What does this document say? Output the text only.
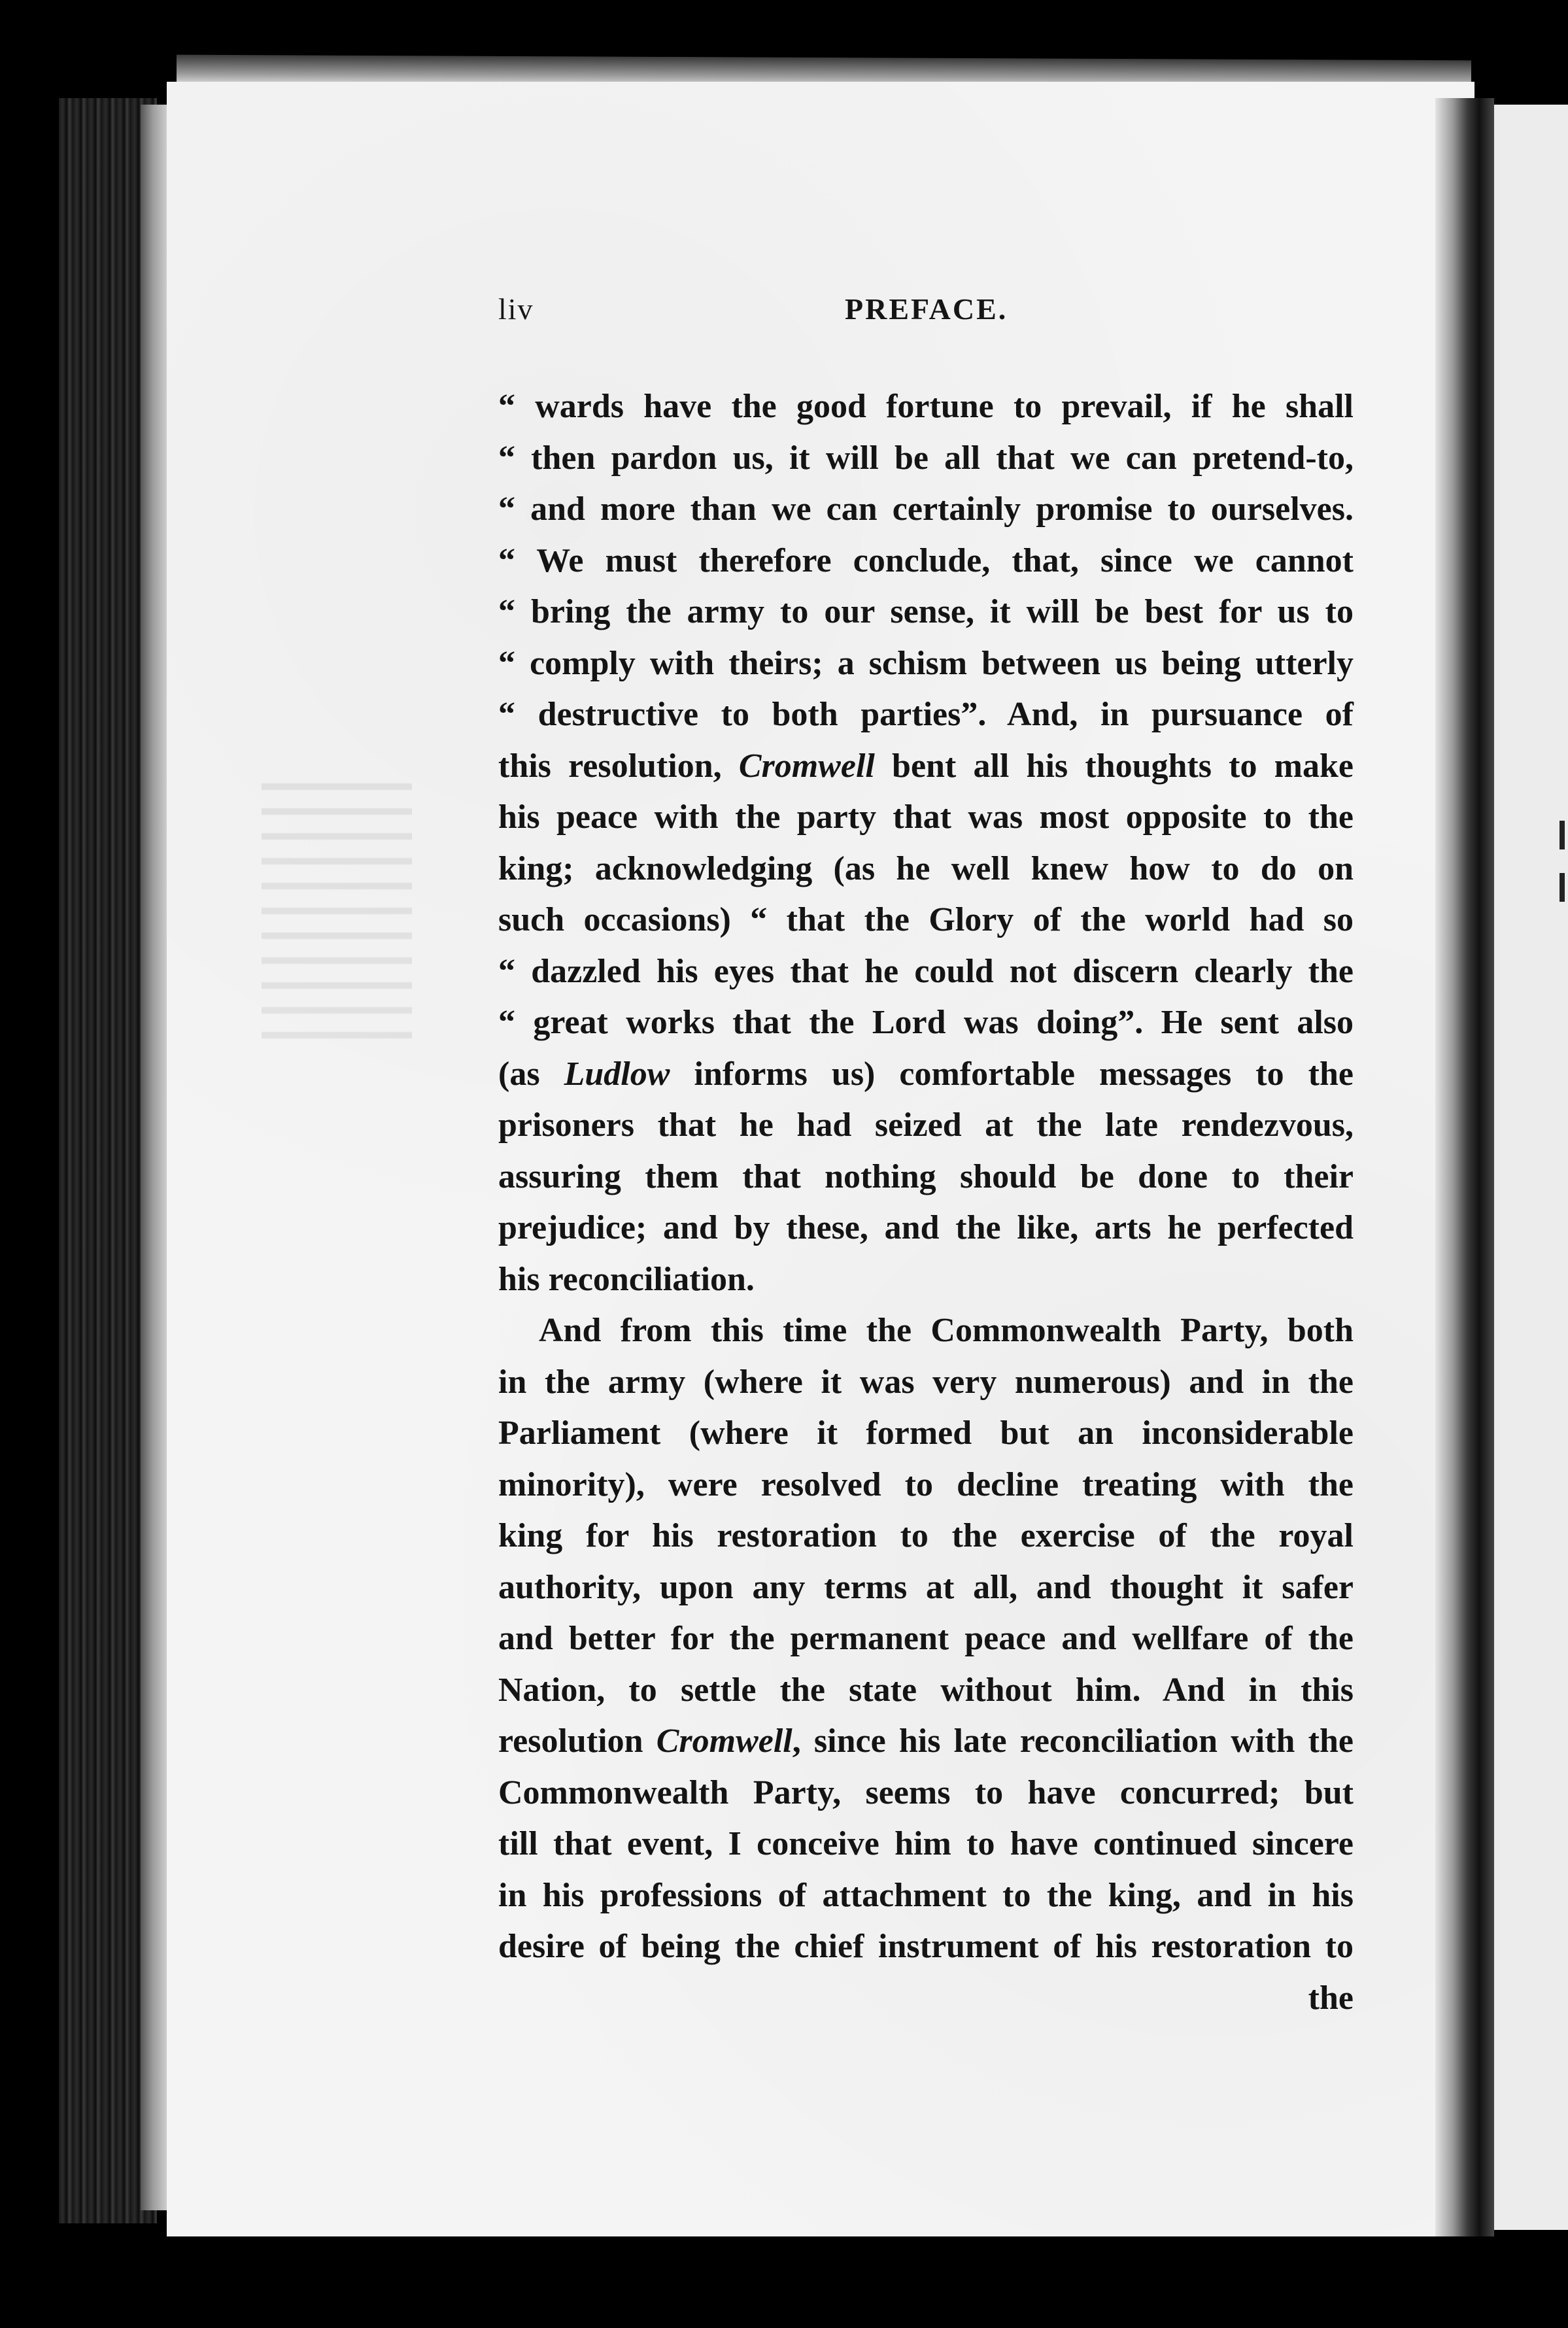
liv	PREFACE.
“ wards have the good fortune to prevail, if he shall
“ then pardon us, it will be all that we can pretend-to,
“ and more than we can certainly promise to ourselves.
“ We must therefore conclude, that, since we cannot
“ bring the army to our sense, it will be best for us to
“ comply with theirs; a schism between us being utterly
“ destructive to both parties”. And, in pursuance of
this resolution, Cromwell bent all his thoughts to make
his peace with the party that was most opposite to the
king; acknowledging (as he well knew how to do on
such occasions) “ that the Glory of the world had so
“ dazzled his eyes that he could not discern clearly the
“ great works that the Lord was doing”. He sent also
(as Ludlow informs us) comfortable messages to the
prisoners that he had seized at the late rendezvous,
assuring them that nothing should be done to their
prejudice; and by these, and the like, arts he perfected
his reconciliation.
And from this time the Commonwealth Party, both
in the army (where it was very numerous) and in the
Parliament (where it formed but an inconsiderable
minority), were resolved to decline treating with the
king for his restoration to the exercise of the royal
authority, upon any terms at all, and thought it safer
and better for the permanent peace and wellfare of the
Nation, to settle the state without him. And in this
resolution Cromwell, since his late reconciliation with the
Commonwealth Party, seems to have concurred; but
till that event, I conceive him to have continued sincere
in his professions of attachment to the king, and in his
desire of being the chief instrument of his restoration to
the
